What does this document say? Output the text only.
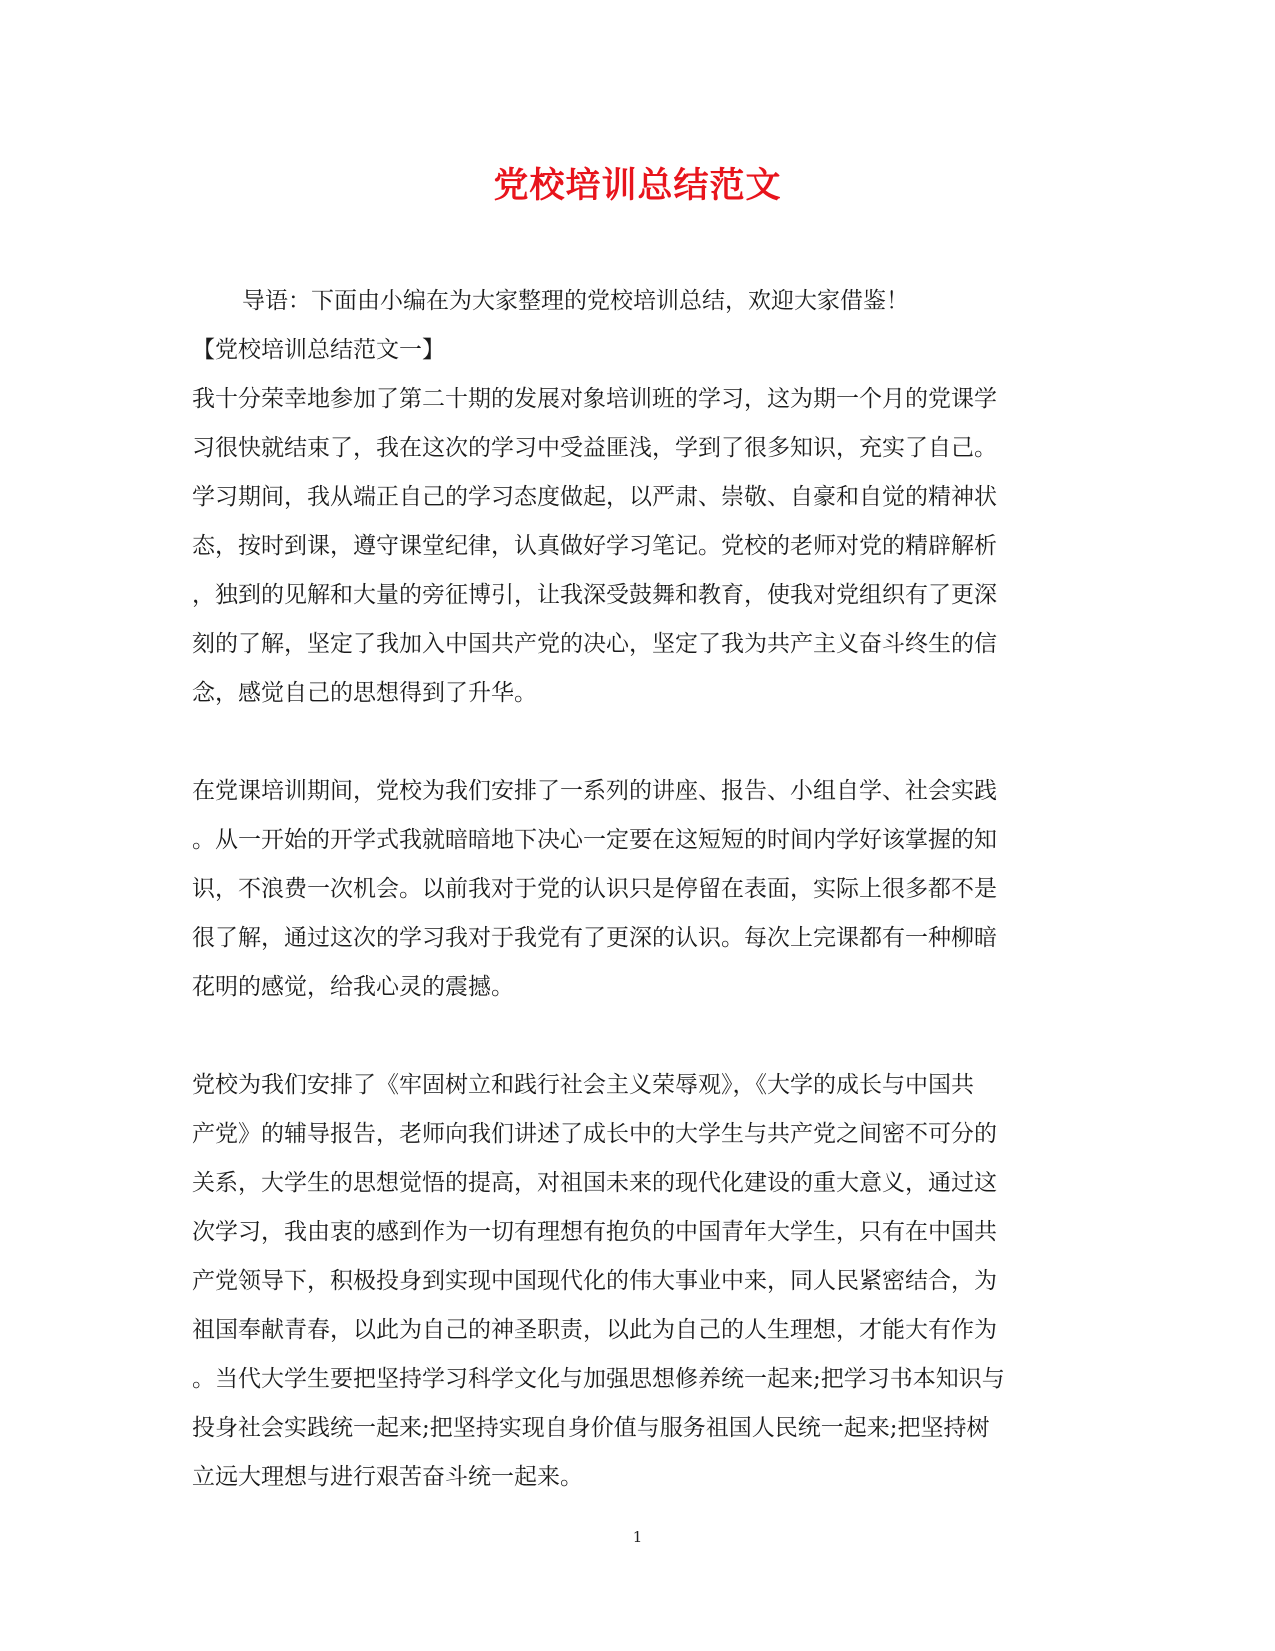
党校培训总结范文
导语：下面由小编在为大家整理的党校培训总结，欢迎大家借鉴！
【党校培训总结范文一】
我十分荣幸地参加了第二十期的发展对象培训班的学习，这为期一个月的党课学
习很快就结束了，我在这次的学习中受益匪浅，学到了很多知识，充实了自己。
学习期间，我从端正自己的学习态度做起，以严肃、崇敬、自豪和自觉的精神状
态，按时到课，遵守课堂纪律，认真做好学习笔记。党校的老师对党的精辟解析
，独到的见解和大量的旁征博引，让我深受鼓舞和教育，使我对党组织有了更深
刻的了解，坚定了我加入中国共产党的决心，坚定了我为共产主义奋斗终生的信
念，感觉自己的思想得到了升华。
在党课培训期间，党校为我们安排了一系列的讲座、报告、小组自学、社会实践
。从一开始的开学式我就暗暗地下决心一定要在这短短的时间内学好该掌握的知
识，不浪费一次机会。以前我对于党的认识只是停留在表面，实际上很多都不是
很了解，通过这次的学习我对于我党有了更深的认识。每次上完课都有一种柳暗
花明的感觉，给我心灵的震撼。
党校为我们安排了《牢固树立和践行社会主义荣辱观》，《大学的成长与中国共
产党》的辅导报告，老师向我们讲述了成长中的大学生与共产党之间密不可分的
关系，大学生的思想觉悟的提高，对祖国未来的现代化建设的重大意义，通过这
次学习，我由衷的感到作为一切有理想有抱负的中国青年大学生，只有在中国共
产党领导下，积极投身到实现中国现代化的伟大事业中来，同人民紧密结合，为
祖国奉献青春，以此为自己的神圣职责，以此为自己的人生理想，才能大有作为
。当代大学生要把坚持学习科学文化与加强思想修养统一起来;把学习书本知识与
投身社会实践统一起来;把坚持实现自身价值与服务祖国人民统一起来;把坚持树
立远大理想与进行艰苦奋斗统一起来。
1
